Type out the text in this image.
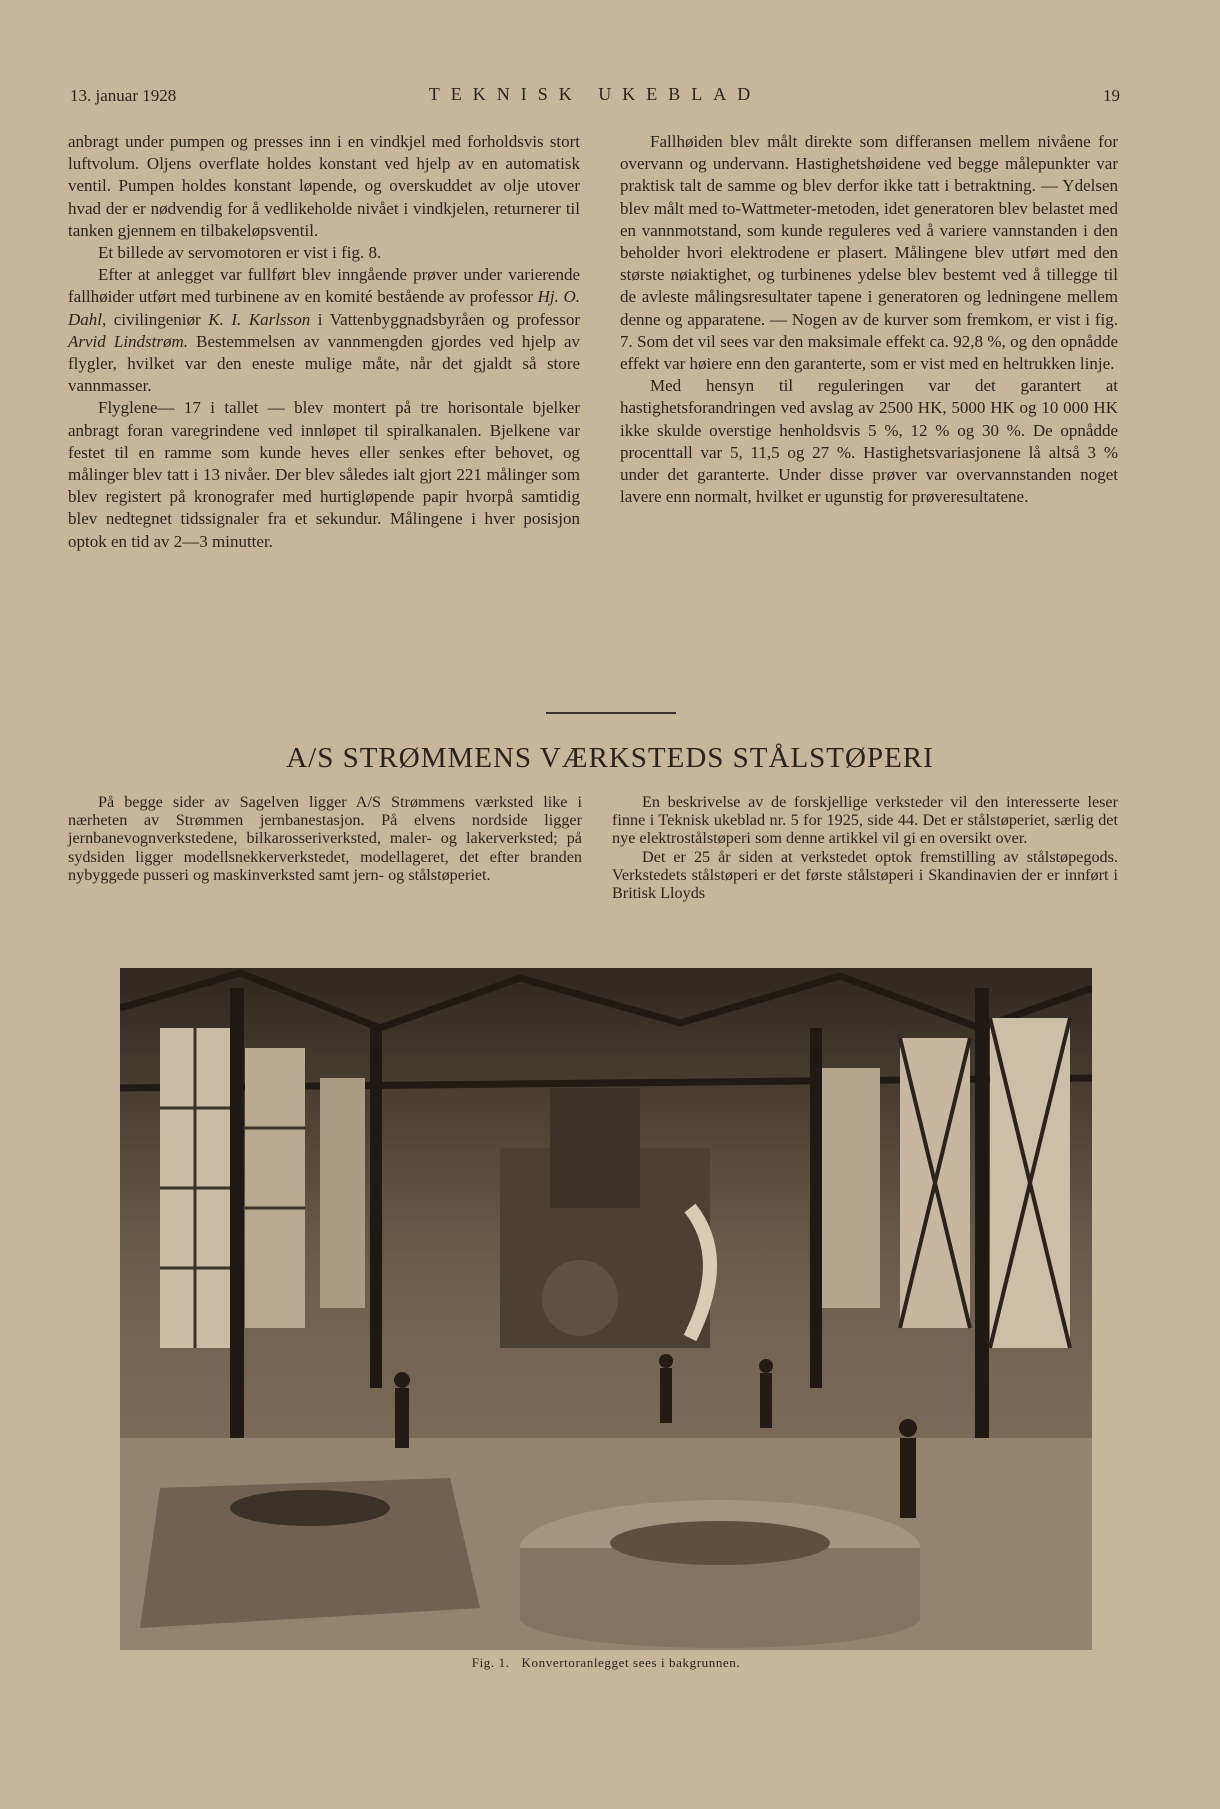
13. januar 1928	TEKNISK UKEBLAD	19

anbragt under pumpen og presses inn i en vindkjel med forholdsvis stort luftvolum. Oljens overflate holdes konstant ved hjelp av en automatisk ventil. Pumpen holdes konstant løpende, og overskuddet av olje utover hvad der er nødvendig for å vedlikeholde nivået i vindkjelen, returnerer til tanken gjennem en tilbakeløpsventil.

Et billede av servomotoren er vist i fig. 8.

Efter at anlegget var fullført blev inngående prøver under varierende fallhøider utført med turbinene av en komité bestående av professor Hj. O. Dahl, civilingeniør K. I. Karlsson i Vattenbyggnadsbyråen og professor Arvid Lindstrøm. Bestemmelsen av vannmengden gjordes ved hjelp av flygler, hvilket var den eneste mulige måte, når det gjaldt så store vannmasser.

Flyglene— 17 i tallet — blev montert på tre horisontale bjelker anbragt foran varegrindene ved innløpet til spiralkanalen. Bjelkene var festet til en ramme som kunde heves eller senkes efter behovet, og målinger blev tatt i 13 nivåer. Der blev således ialt gjort 221 målinger som blev registert på kronografer med hurtigløpende papir hvorpå samtidig blev nedtegnet tidssignaler fra et sekundur. Målingene i hver posisjon optok en tid av 2—3 minutter.

Fallhøiden blev målt direkte som differansen mellem nivåene for overvann og undervann. Hastighetshøidene ved begge målepunkter var praktisk talt de samme og blev derfor ikke tatt i betraktning. — Ydelsen blev målt med to-Wattmeter-metoden, idet generatoren blev belastet med en vannmotstand, som kunde reguleres ved å variere vannstanden i den beholder hvori elektrodene er plasert. Målingene blev utført med den største nøiaktighet, og turbinenes ydelse blev bestemt ved å tillegge til de avleste målingsresultater tapene i generatoren og ledningene mellem denne og apparatene. — Nogen av de kurver som fremkom, er vist i fig. 7. Som det vil sees var den maksimale effekt ca. 92,8 %, og den opnådde effekt var høiere enn den garanterte, som er vist med en heltrukken linje.

Med hensyn til reguleringen var det garantert at hastighetsforandringen ved avslag av 2500 HK, 5000 HK og 10 000 HK ikke skulde overstige henholdsvis 5 %, 12 % og 30 %. De opnådde procenttall var 5, 11,5 og 27 %. Hastighetsvariasjonene lå altså 3 % under det garanterte. Under disse prøver var overvannstanden noget lavere enn normalt, hvilket er ugunstig for prøveresultatene.

A/S STRØMMENS VÆRKSTEDS STÅLSTØPERI

På begge sider av Sagelven ligger A/S Strømmens værksted like i nærheten av Strømmen jernbanestasjon. På elvens nordside ligger jernbanevognverkstedene, bilkarosseriverksted, maler- og lakerverksted; på sydsiden ligger modellsnekkerverkstedet, modellageret, det efter branden nybyggede pusseri og maskinverksted samt jern- og stålstøperiet.

En beskrivelse av de forskjellige verksteder vil den interesserte leser finne i Teknisk ukeblad nr. 5 for 1925, side 44. Det er stålstøperiet, særlig det nye elektrostålstøperi som denne artikkel vil gi en oversikt over.

Det er 25 år siden at verkstedet optok fremstilling av stålstøpegods. Verkstedets stålstøperi er det første stålstøperi i Skandinavien der er innført i Britisk Lloyds

Fig. 1. Konvertoranlegget sees i bakgrunnen.
